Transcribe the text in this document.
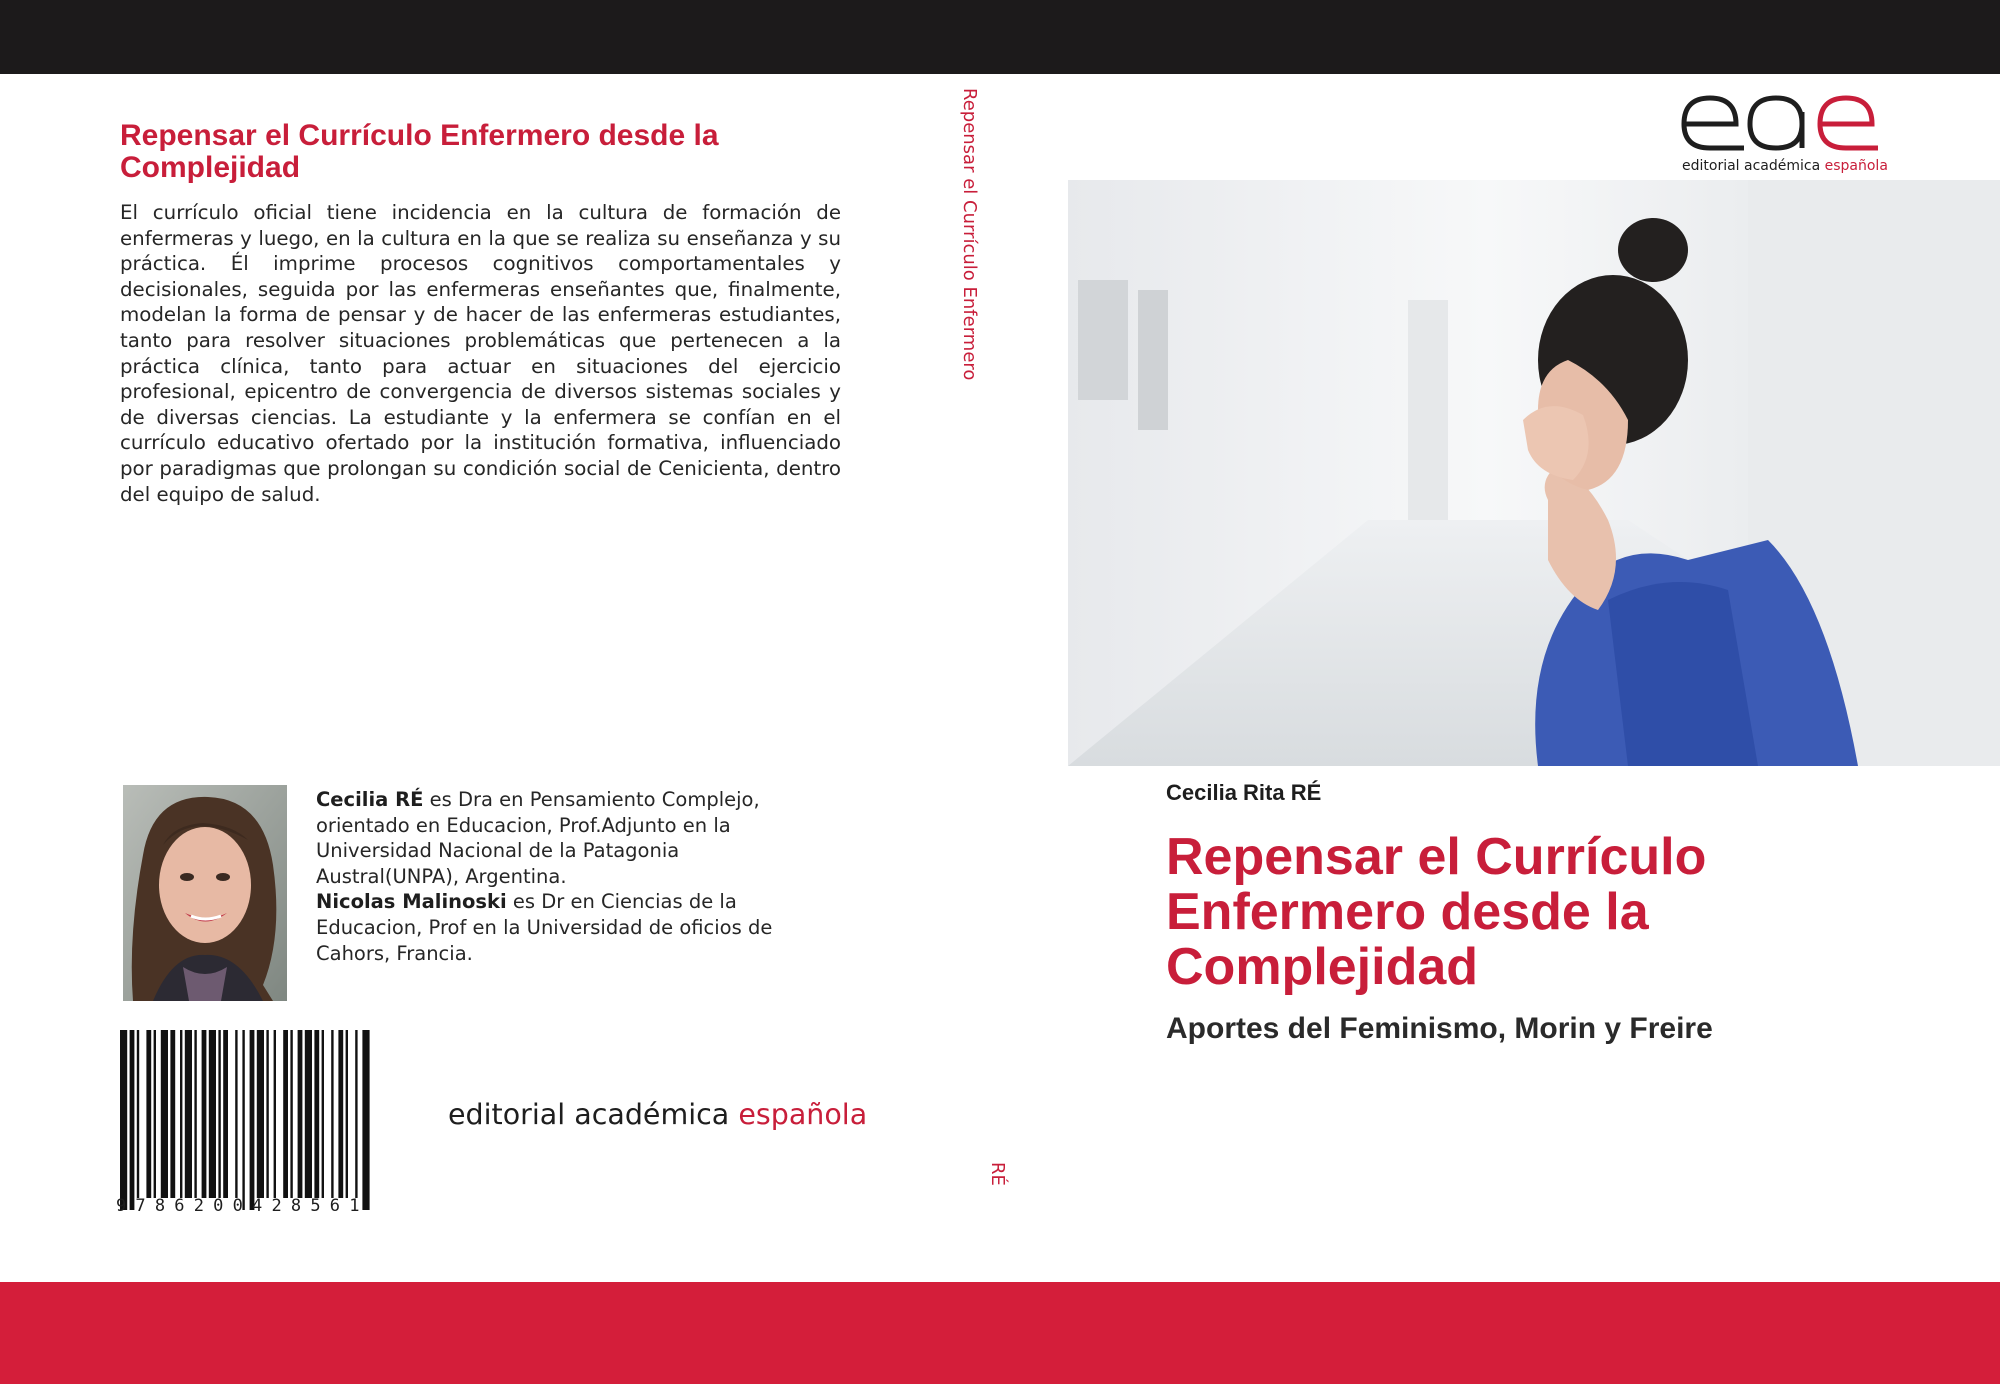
Repensar el Currículo Enfermero desde la Complejidad

El currículo oficial tiene incidencia en la cultura de formación de enfermeras y luego, en la cultura en la que se realiza su enseñanza y su práctica. Él imprime procesos cognitivos comportamentales y decisionales, seguida por las enfermeras enseñantes que, finalmente, modelan la forma de pensar y de hacer de las enfermeras estudiantes, tanto para resolver situaciones problemáticas que pertenecen a la práctica clínica, tanto para actuar en situaciones del ejercicio profesional, epicentro de convergencia de diversos sistemas sociales y de diversas ciencias. La estudiante y la enfermera se confían en el currículo educativo ofertado por la institución formativa, influenciado por paradigmas que prolongan su condición social de Cenicienta, dentro del equipo de salud.

Cecilia RÉ es Dra en Pensamiento Complejo, orientado en Educacion, Prof.Adjunto en la Universidad Nacional de la Patagonia Austral(UNPA), Argentina.

Nicolas Malinoski es Dr en Ciencias de la Educacion, Prof en la Universidad de oficios de Cahors, Francia.

9786200428561
editorial académica española
Repensar el Currículo Enfermero
RÉ
editorial académica española
Cecilia Rita RÉ
Repensar el Currículo Enfermero desde la Complejidad
Aportes del Feminismo, Morin y Freire
